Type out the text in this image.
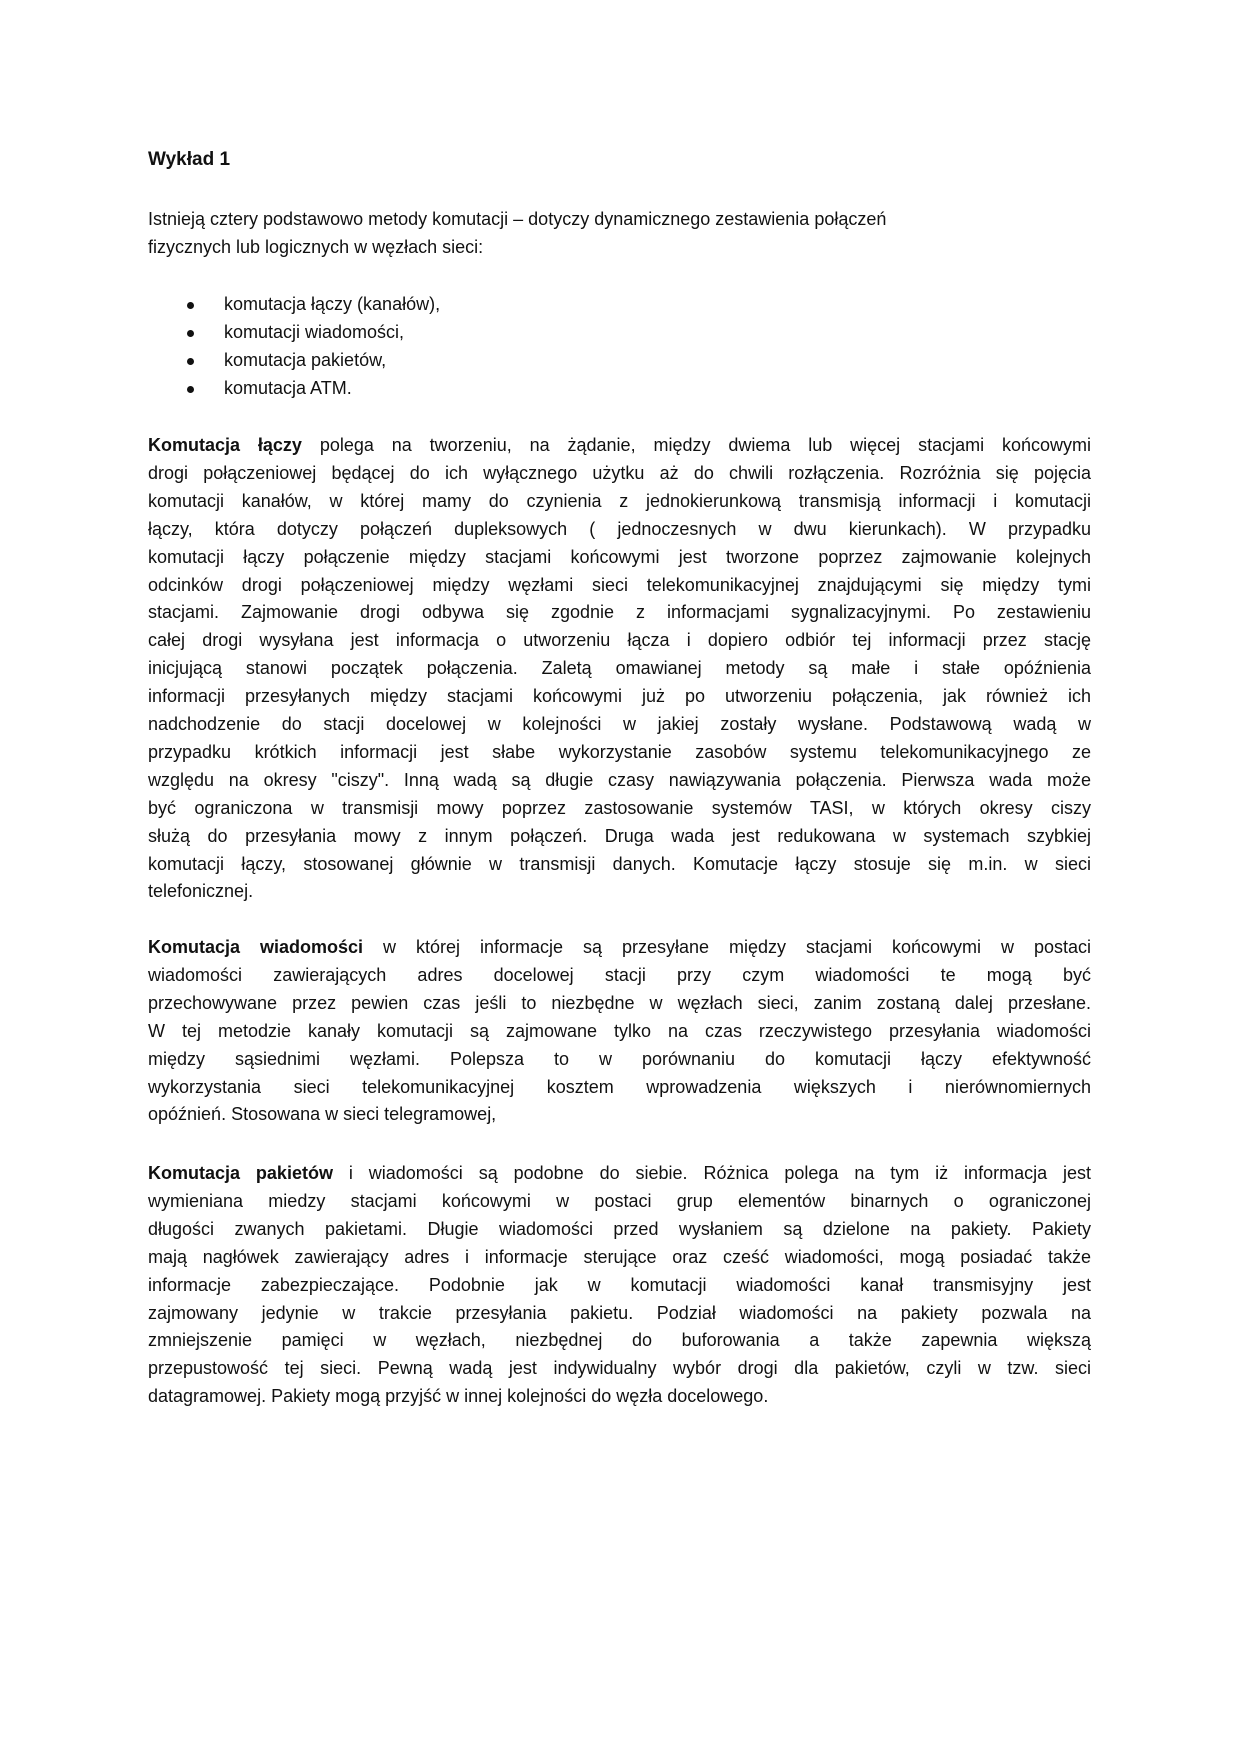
Wykład 1
Istnieją cztery podstawowo metody komutacji – dotyczy dynamicznego zestawienia połączeń
fizycznych lub logicznych w węzłach sieci:
komutacja łączy (kanałów),
komutacji wiadomości,
komutacja pakietów,
komutacja ATM.
Komutacja łączy polega na tworzeniu, na żądanie, między dwiema lub więcej stacjami końcowymi
drogi połączeniowej będącej do ich wyłącznego użytku aż do chwili rozłączenia. Rozróżnia się pojęcia
komutacji kanałów, w której mamy do czynienia z jednokierunkową transmisją informacji i komutacji
łączy, która dotyczy połączeń dupleksowych ( jednoczesnych w dwu kierunkach). W przypadku
komutacji łączy połączenie między stacjami końcowymi jest tworzone poprzez zajmowanie kolejnych
odcinków drogi połączeniowej między węzłami sieci telekomunikacyjnej znajdującymi się między tymi
stacjami. Zajmowanie drogi odbywa się zgodnie z informacjami sygnalizacyjnymi. Po zestawieniu
całej drogi wysyłana jest informacja o utworzeniu łącza i dopiero odbiór tej informacji przez stację
inicjującą stanowi początek połączenia. Zaletą omawianej metody są małe i stałe opóźnienia
informacji przesyłanych między stacjami końcowymi już po utworzeniu połączenia, jak również ich
nadchodzenie do stacji docelowej w kolejności w jakiej zostały wysłane. Podstawową wadą w
przypadku krótkich informacji jest słabe wykorzystanie zasobów systemu telekomunikacyjnego ze
względu na okresy "ciszy". Inną wadą są długie czasy nawiązywania połączenia. Pierwsza wada może
być ograniczona w transmisji mowy poprzez zastosowanie systemów TASI, w których okresy ciszy
służą do przesyłania mowy z innym połączeń. Druga wada jest redukowana w systemach szybkiej
komutacji łączy, stosowanej głównie w transmisji danych. Komutacje łączy stosuje się m.in. w sieci
telefonicznej.
Komutacja wiadomości w której informacje są przesyłane między stacjami końcowymi w postaci
wiadomości zawierających adres docelowej stacji przy czym wiadomości te mogą być
przechowywane przez pewien czas jeśli to niezbędne w węzłach sieci, zanim zostaną dalej przesłane.
W tej metodzie kanały komutacji są zajmowane tylko na czas rzeczywistego przesyłania wiadomości
między sąsiednimi węzłami. Polepsza to w porównaniu do komutacji łączy efektywność
wykorzystania sieci telekomunikacyjnej kosztem wprowadzenia większych i nierównomiernych
opóźnień. Stosowana w sieci telegramowej,
Komutacja pakietów i wiadomości są podobne do siebie. Różnica polega na tym iż informacja jest
wymieniana miedzy stacjami końcowymi w postaci grup elementów binarnych o ograniczonej
długości zwanych pakietami. Długie wiadomości przed wysłaniem są dzielone na pakiety. Pakiety
mają nagłówek zawierający adres i informacje sterujące oraz cześć wiadomości, mogą posiadać także
informacje zabezpieczające. Podobnie jak w komutacji wiadomości kanał transmisyjny jest
zajmowany jedynie w trakcie przesyłania pakietu. Podział wiadomości na pakiety pozwala na
zmniejszenie pamięci w węzłach, niezbędnej do buforowania a także zapewnia większą
przepustowość tej sieci. Pewną wadą jest indywidualny wybór drogi dla pakietów, czyli w tzw. sieci
datagramowej. Pakiety mogą przyjść w innej kolejności do węzła docelowego.
